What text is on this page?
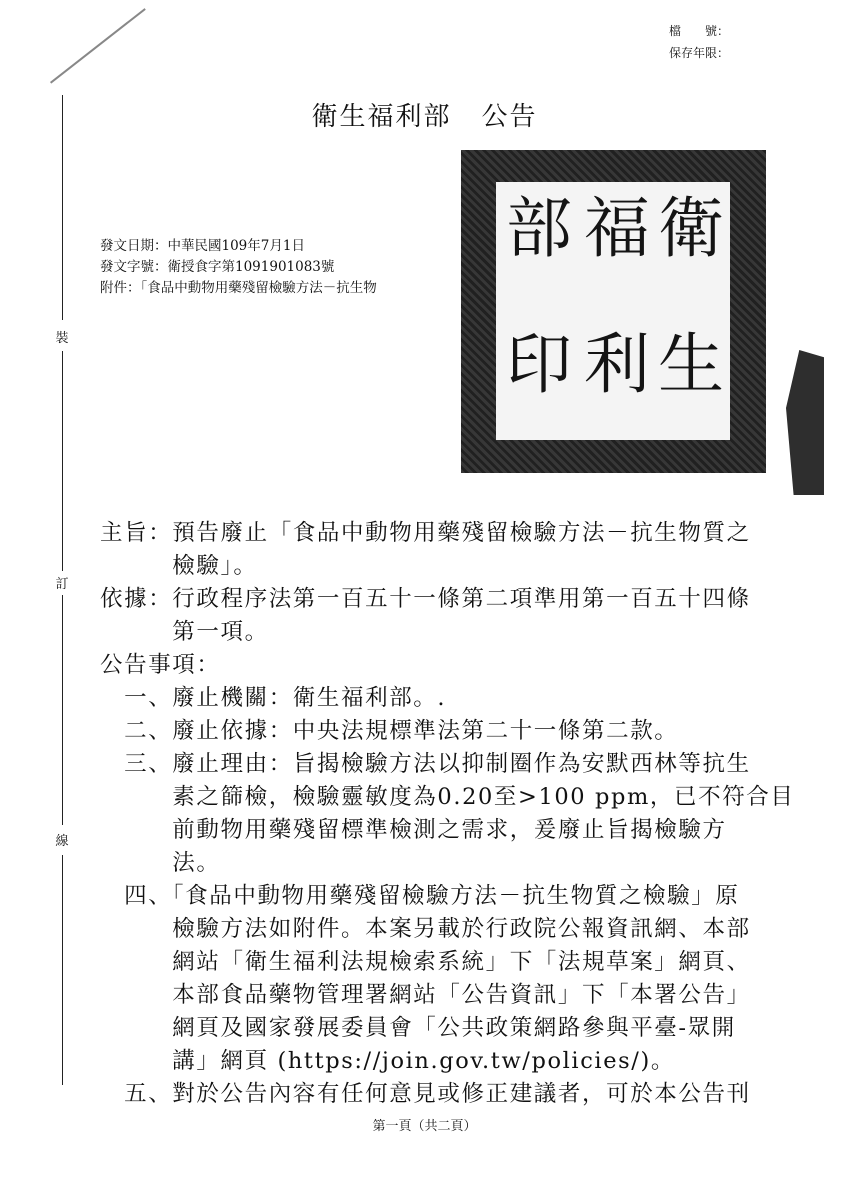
檔　　號：
保存年限：
裝
訂
線
衛生福利部 公告
發文日期：中華民國109年7月1日
發文字號：衛授食字第1091901083號
附件：「食品中動物用藥殘留檢驗方法－抗生物
衛
生
福
利
部
印
主旨：預告廢止「食品中動物用藥殘留檢驗方法－抗生物質之
　　　檢驗」。
依據：行政程序法第一百五十一條第二項準用第一百五十四條
　　　第一項。
公告事項：
　一、廢止機關：衛生福利部。.
　二、廢止依據：中央法規標準法第二十一條第二款。
　三、廢止理由：旨揭檢驗方法以抑制圈作為安默西林等抗生
　　　素之篩檢，檢驗靈敏度為0.20至>100 ppm，已不符合目
　　　前動物用藥殘留標準檢測之需求，爰廢止旨揭檢驗方
　　　法。
　四、「食品中動物用藥殘留檢驗方法－抗生物質之檢驗」原
　　　檢驗方法如附件。本案另載於行政院公報資訊網、本部
　　　網站「衛生福利法規檢索系統」下「法規草案」網頁、
　　　本部食品藥物管理署網站「公告資訊」下「本署公告」
　　　網頁及國家發展委員會「公共政策網路參與平臺-眾開
　　　講」網頁 (https://join.gov.tw/policies/)。
　五、對於公告內容有任何意見或修正建議者，可於本公告刊
第一頁（共二頁）
